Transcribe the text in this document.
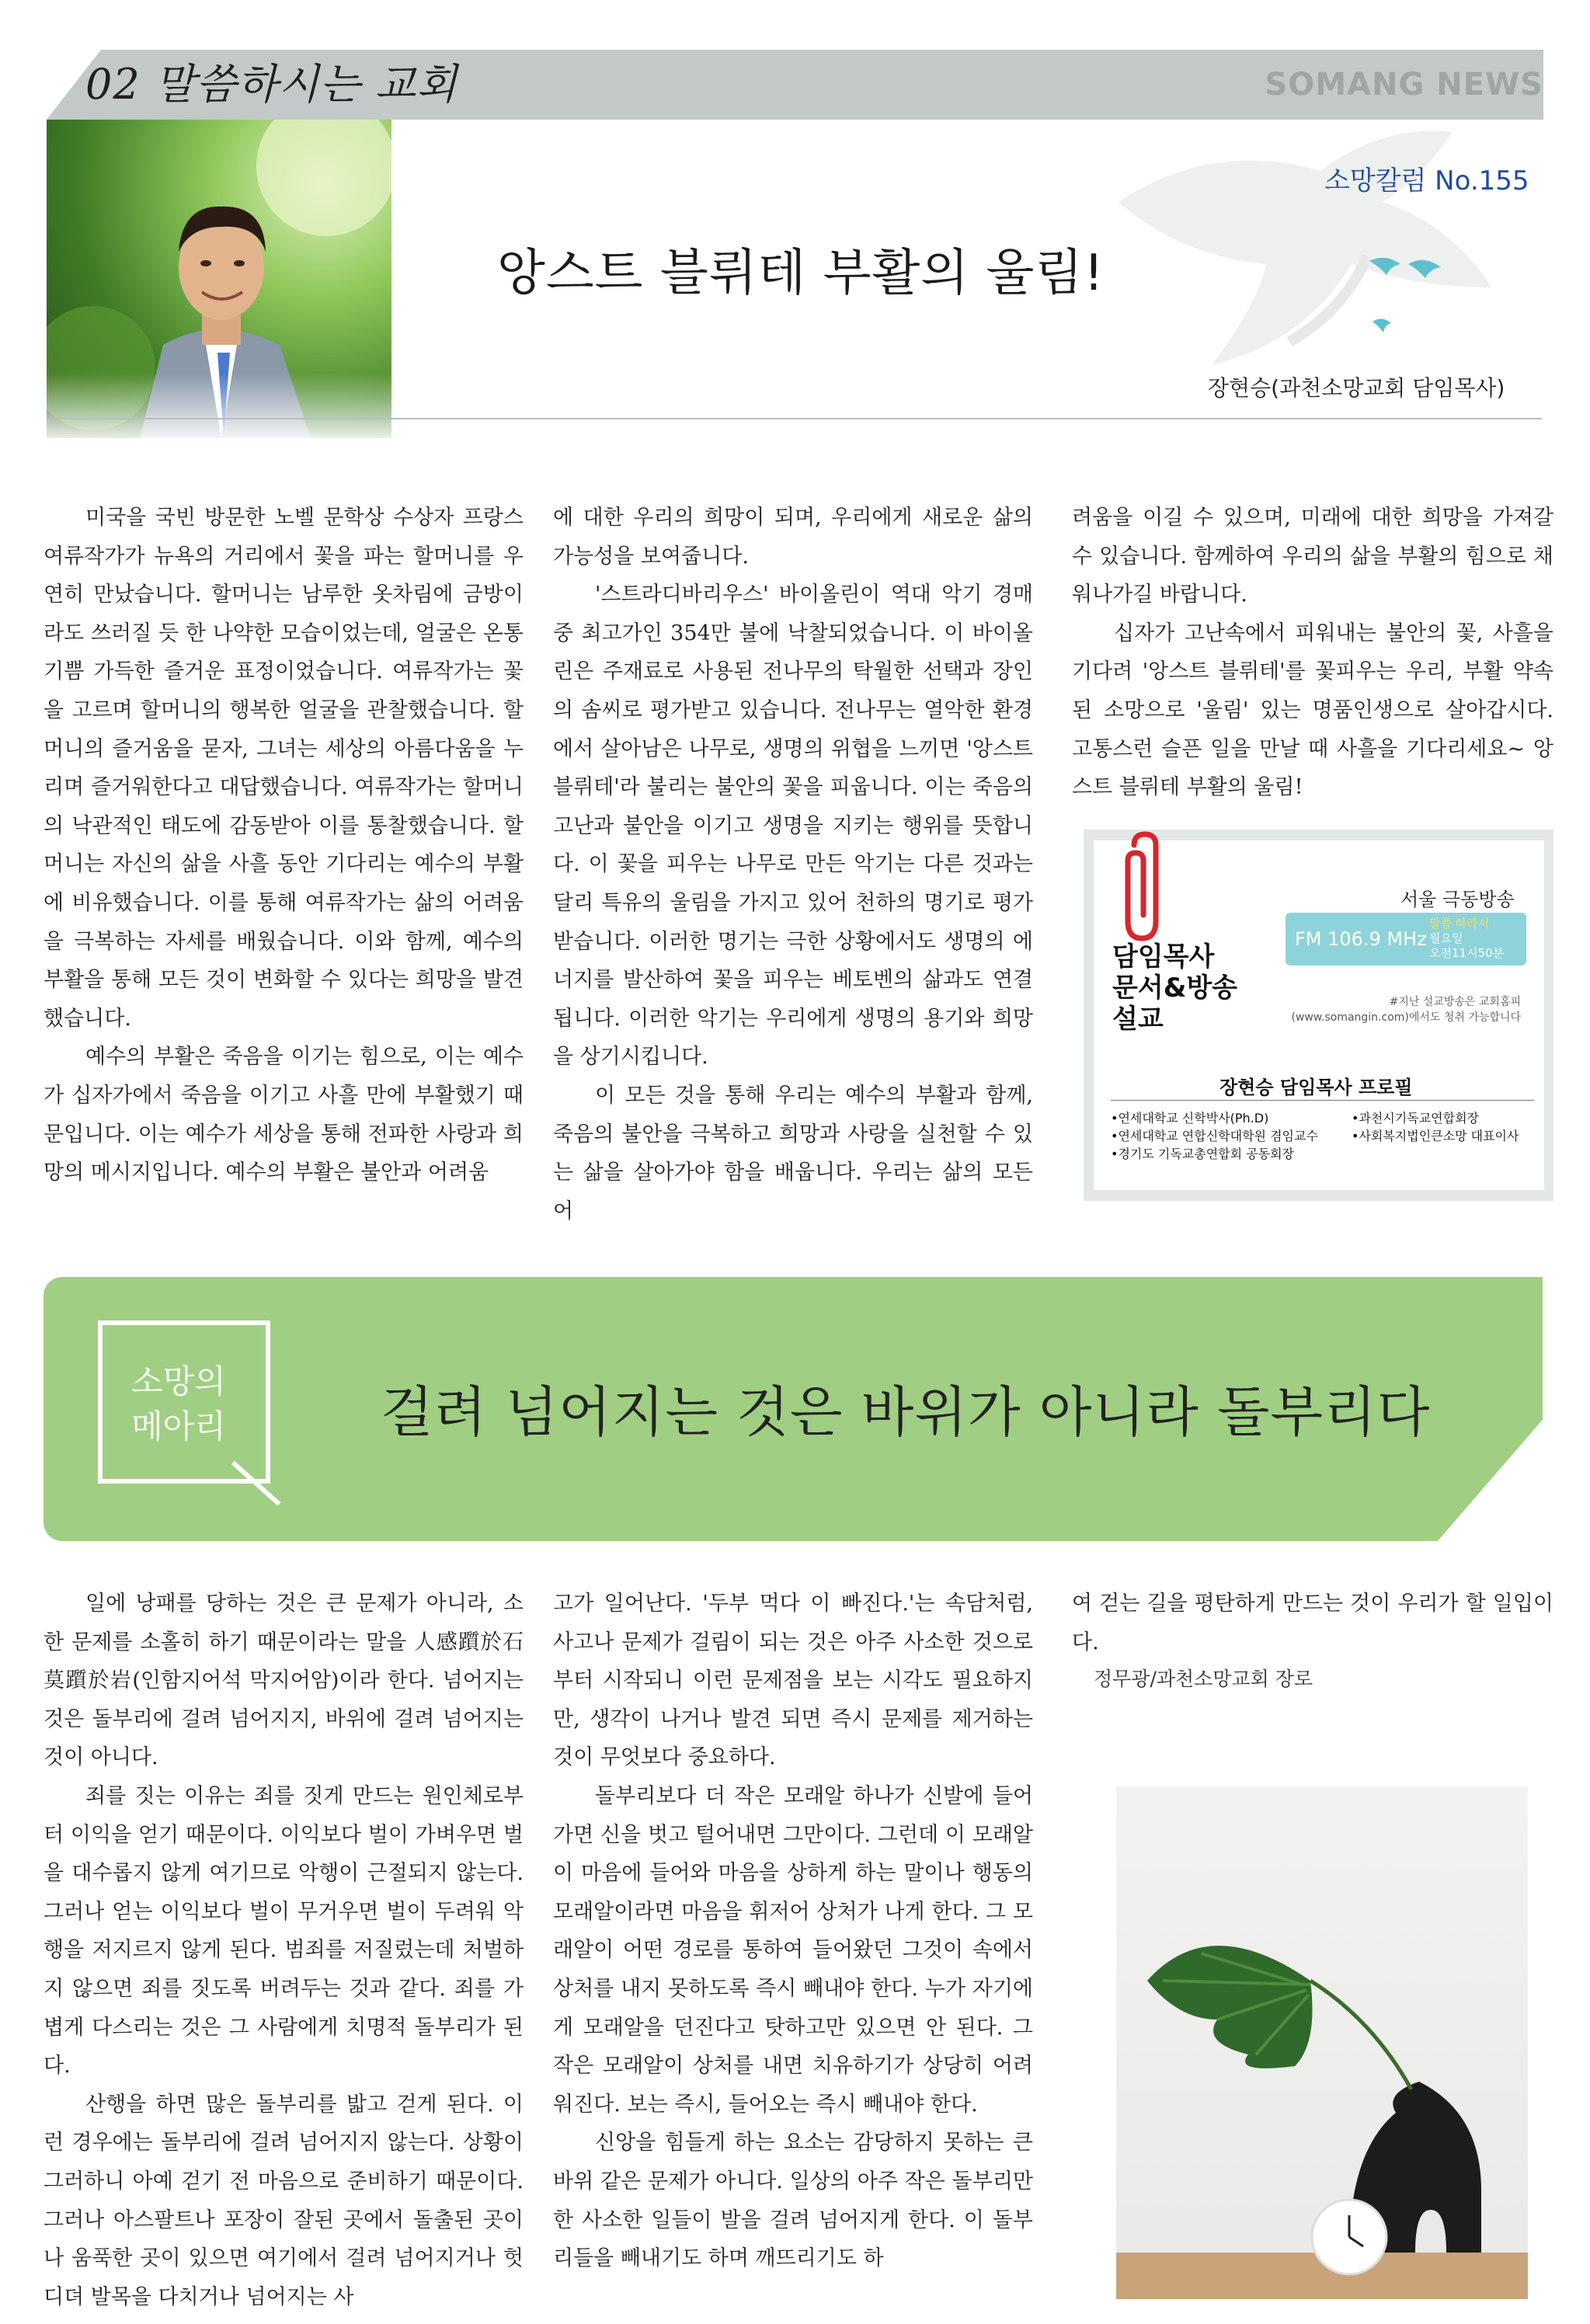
02 말씀하시는 교회	SOMANG NEWS
소망칼럼 No.155
앙스트 블뤼테 부활의 울림!
장현승(과천소망교회 담임목사)

미국을 국빈 방문한 노벨 문학상 수상자 프랑스 여류작가가 뉴욕의 거리에서 꽃을 파는 할머니를 우연히 만났습니다. 할머니는 남루한 옷차림에 금방이라도 쓰러질 듯 한 나약한 모습이었는데, 얼굴은 온통 기쁨 가득한 즐거운 표정이었습니다. 여류작가는 꽃을 고르며 할머니의 행복한 얼굴을 관찰했습니다. 할머니의 즐거움을 묻자, 그녀는 세상의 아름다움을 누리며 즐거워한다고 대답했습니다. 여류작가는 할머니의 낙관적인 태도에 감동받아 이를 통찰했습니다. 할머니는 자신의 삶을 사흘 동안 기다리는 예수의 부활에 비유했습니다. 이를 통해 여류작가는 삶의 어려움을 극복하는 자세를 배웠습니다. 이와 함께, 예수의 부활을 통해 모든 것이 변화할 수 있다는 희망을 발견했습니다.

예수의 부활은 죽음을 이기는 힘으로, 이는 예수가 십자가에서 죽음을 이기고 사흘 만에 부활했기 때문입니다. 이는 예수가 세상을 통해 전파한 사랑과 희망의 메시지입니다. 예수의 부활은 불안과 어려움

에 대한 우리의 희망이 되며, 우리에게 새로운 삶의 가능성을 보여줍니다.

'스트라디바리우스' 바이올린이 역대 악기 경매 중 최고가인 354만 불에 낙찰되었습니다. 이 바이올린은 주재료로 사용된 전나무의 탁월한 선택과 장인의 솜씨로 평가받고 있습니다. 전나무는 열악한 환경에서 살아남은 나무로, 생명의 위협을 느끼면 '앙스트 블뤼테'라 불리는 불안의 꽃을 피웁니다. 이는 죽음의 고난과 불안을 이기고 생명을 지키는 행위를 뜻합니다. 이 꽃을 피우는 나무로 만든 악기는 다른 것과는 달리 특유의 울림을 가지고 있어 천하의 명기로 평가받습니다. 이러한 명기는 극한 상황에서도 생명의 에너지를 발산하여 꽃을 피우는 베토벤의 삶과도 연결됩니다. 이러한 악기는 우리에게 생명의 용기와 희망을 상기시킵니다.

이 모든 것을 통해 우리는 예수의 부활과 함께, 죽음의 불안을 극복하고 희망과 사랑을 실천할 수 있는 삶을 살아가야 함을 배웁니다. 우리는 삶의 모든 어

려움을 이길 수 있으며, 미래에 대한 희망을 가져갈 수 있습니다. 함께하여 우리의 삶을 부활의 힘으로 채워나가길 바랍니다.

십자가 고난속에서 피워내는 불안의 꽃, 사흘을 기다려 '앙스트 블뤼테'를 꽃피우는 우리, 부활 약속된 소망으로 '울림' 있는 명품인생으로 살아갑시다. 고통스런 슬픈 일을 만날 때 사흘을 기다리세요~ 앙스트 블뤼테 부활의 울림!

서울 극동방송
FM 106.9 MHz
말씀 따라서
월요일
오전11시50분
담임목사
문서&방송
설교
#지난 설교방송은 교회홈피
(www.somangin.com)에서도 청취 가능합니다
장현승 담임목사 프로필
•연세대학교 신학박사(Ph.D)
•연세대학교 연합신학대학원 겸임교수
•경기도 기독교총연합회 공동회장
•과천시기독교연합회장
•사회복지법인큰소망 대표이사
소망의
메아리	걸려 넘어지는 것은 바위가 아니라 돌부리다

일에 낭패를 당하는 것은 큰 문제가 아니라, 소한 문제를 소홀히 하기 때문이라는 말을 人感躓於石莫躓於岩(인함지어석 막지어암)이라 한다. 넘어지는 것은 돌부리에 걸려 넘어지지, 바위에 걸려 넘어지는 것이 아니다.

죄를 짓는 이유는 죄를 짓게 만드는 원인체로부터 이익을 얻기 때문이다. 이익보다 벌이 가벼우면 벌을 대수롭지 않게 여기므로 악행이 근절되지 않는다. 그러나 얻는 이익보다 벌이 무거우면 벌이 두려워 악행을 저지르지 않게 된다. 범죄를 저질렀는데 처벌하지 않으면 죄를 짓도록 버려두는 것과 같다. 죄를 가볍게 다스리는 것은 그 사람에게 치명적 돌부리가 된다.

산행을 하면 많은 돌부리를 밟고 걷게 된다. 이런 경우에는 돌부리에 걸려 넘어지지 않는다. 상황이 그러하니 아예 걷기 전 마음으로 준비하기 때문이다. 그러나 아스팔트나 포장이 잘된 곳에서 돌출된 곳이나 움푹한 곳이 있으면 여기에서 걸려 넘어지거나 헛디뎌 발목을 다치거나 넘어지는 사

고가 일어난다. '두부 먹다 이 빠진다.'는 속담처럼, 사고나 문제가 걸림이 되는 것은 아주 사소한 것으로부터 시작되니 이런 문제점을 보는 시각도 필요하지만, 생각이 나거나 발견 되면 즉시 문제를 제거하는 것이 무엇보다 중요하다.

돌부리보다 더 작은 모래알 하나가 신발에 들어가면 신을 벗고 털어내면 그만이다. 그런데 이 모래알이 마음에 들어와 마음을 상하게 하는 말이나 행동의 모래알이라면 마음을 휘저어 상처가 나게 한다. 그 모래알이 어떤 경로를 통하여 들어왔던 그것이 속에서 상처를 내지 못하도록 즉시 빼내야 한다. 누가 자기에게 모래알을 던진다고 탓하고만 있으면 안 된다. 그 작은 모래알이 상처를 내면 치유하기가 상당히 어려워진다. 보는 즉시, 들어오는 즉시 빼내야 한다.

신앙을 힘들게 하는 요소는 감당하지 못하는 큰 바위 같은 문제가 아니다. 일상의 아주 작은 돌부리만한 사소한 일들이 발을 걸려 넘어지게 한다. 이 돌부리들을 빼내기도 하며 깨뜨리기도 하

여 걷는 길을 평탄하게 만드는 것이 우리가 할 일입이다.

정무광/과천소망교회 장로
